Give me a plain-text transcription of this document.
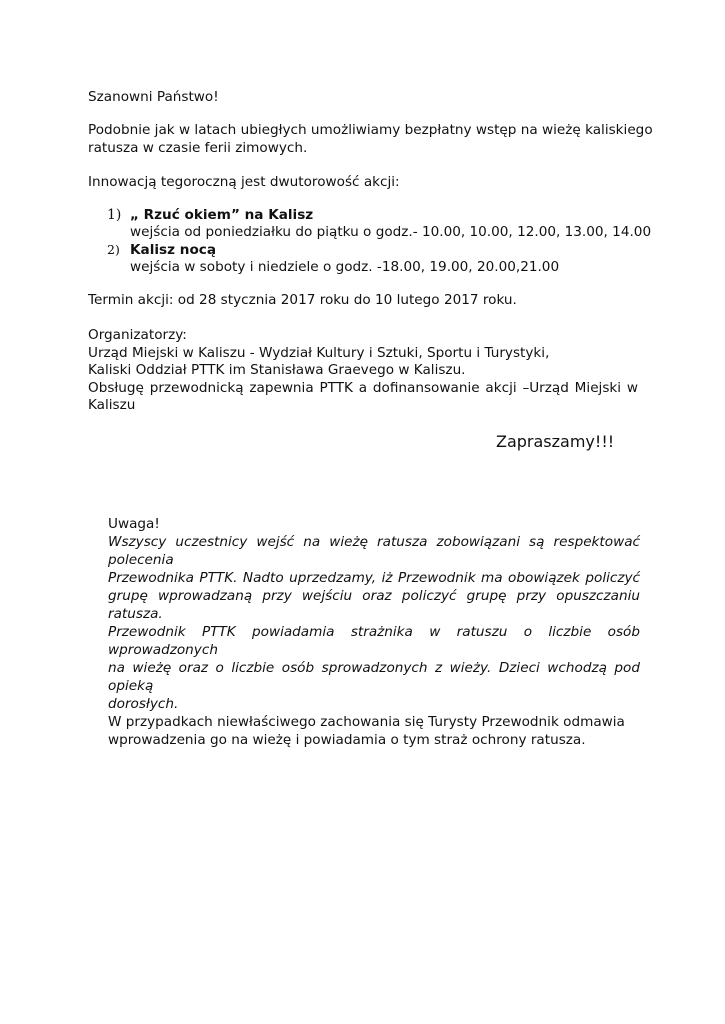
Szanowni Państwo!

Podobnie jak w latach ubiegłych umożliwiamy bezpłatny wstęp na wieżę kaliskiego

ratusza w czasie ferii zimowych.

Innowacją tegoroczną jest dwutorowość akcji:

1) „ Rzuć okiem” na Kalisz

wejścia od poniedziałku do piątku o godz.- 10.00, 10.00, 12.00, 13.00, 14.00

2) Kalisz nocą

wejścia w soboty i niedziele o godz. -18.00, 19.00, 20.00,21.00

Termin akcji: od 28 stycznia 2017 roku do 10 lutego 2017 roku.

Organizatorzy:

Urząd Miejski w Kaliszu - Wydział Kultury i Sztuki, Sportu i Turystyki,

Kaliski Oddział PTTK im Stanisława Graevego w Kaliszu.

Obsługę przewodnicką zapewnia PTTK a dofinansowanie akcji –Urząd Miejski w

Kaliszu

Zapraszamy!!!
Uwaga!
Wszyscy uczestnicy wejść na wieżę ratusza zobowiązani są respektować polecenia
Przewodnika PTTK. Nadto uprzedzamy, iż Przewodnik ma obowiązek policzyć
grupę wprowadzaną przy wejściu oraz policzyć grupę przy opuszczaniu ratusza.
Przewodnik PTTK powiadamia strażnika w ratuszu o liczbie osób wprowadzonych
na wieżę oraz o liczbie osób sprowadzonych z wieży. Dzieci wchodzą pod opieką
dorosłych.
W przypadkach niewłaściwego zachowania się Turysty Przewodnik odmawia
wprowadzenia go na wieżę i powiadamia o tym straż ochrony ratusza.
